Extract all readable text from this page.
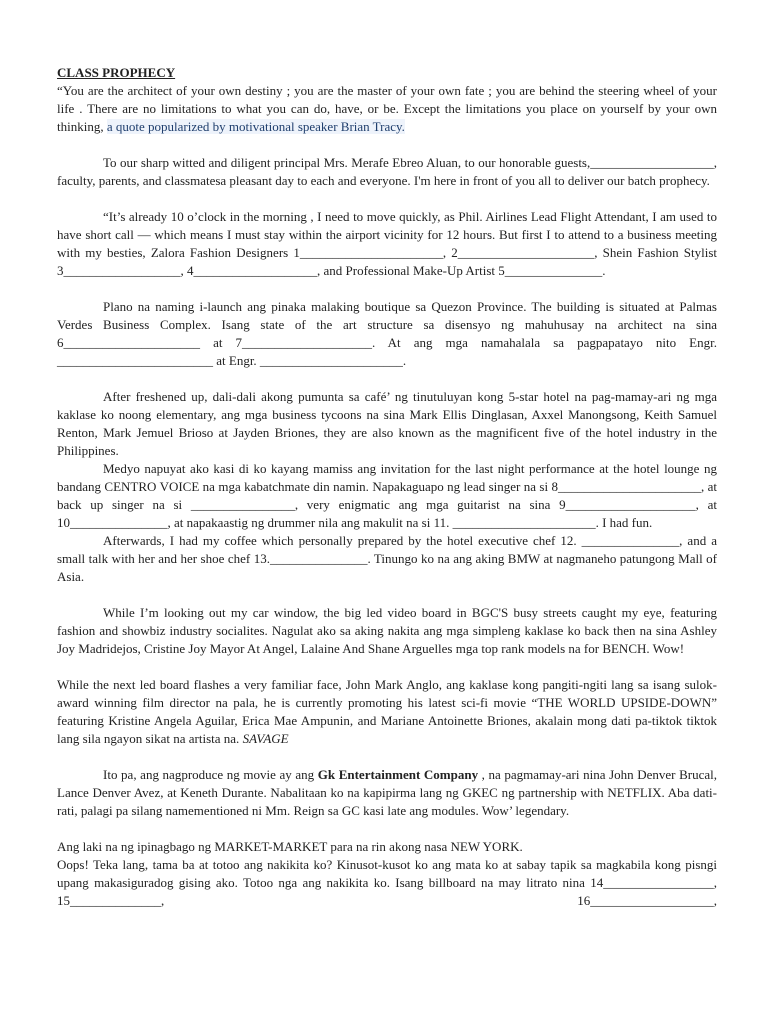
CLASS PROPHECY

“You are the architect of your own destiny ; you are the master of your own fate ; you are behind the steering wheel of your life . There are no limitations to what you can do, have, or be. Except the limitations you place on yourself by your own thinking, a quote popularized by motivational speaker Brian Tracy.

To our sharp witted and diligent principal Mrs. Merafe Ebreo Aluan, to our honorable guests,___________________, faculty, parents, and classmatesa pleasant day to each and everyone. I'm here in front of you all to deliver our batch prophecy.

“It’s already 10 o’clock in the morning , I need to move quickly, as Phil. Airlines Lead Flight Attendant, I am used to have short call — which means I must stay within the airport vicinity for 12 hours. But first I to attend to a business meeting with my besties, Zalora Fashion Designers 1______________________, 2_____________________, Shein Fashion Stylist 3__________________, 4___________________, and Professional Make-Up Artist 5_______________.

Plano na naming i-launch ang pinaka malaking boutique sa Quezon Province. The building is situated at Palmas Verdes Business Complex. Isang state of the art structure sa disensyo ng mahuhusay na architect na sina 6_____________________ at 7____________________. At ang mga namahalala sa pagpapatayo nito Engr. ________________________ at Engr. ______________________.

After freshened up, dali-dali akong pumunta sa café’ ng tinutuluyan kong 5-star hotel na pag-mamay-ari ng mga kaklase ko noong elementary, ang mga business tycoons na sina Mark Ellis Dinglasan, Axxel Manongsong, Keith Samuel Renton, Mark Jemuel Brioso at Jayden Briones, they are also known as the magnificent five of the hotel industry in the Philippines.

Medyo napuyat ako kasi di ko kayang mamiss ang invitation for the last night performance at the hotel lounge ng bandang CENTRO VOICE na mga kabatchmate din namin. Napakaguapo ng lead singer na si 8______________________, at back up singer na si ________________, very enigmatic ang mga guitarist na sina 9____________________, at 10_______________, at napakaastig ng drummer nila ang makulit na si 11. ______________________. I had fun.

Afterwards, I had my coffee which personally prepared by the hotel executive chef 12. _______________, and a small talk with her and her shoe chef 13._______________. Tinungo ko na ang aking BMW at nagmaneho patungong Mall of Asia.

While I’m looking out my car window, the big led video board in BGC'S busy streets caught my eye, featuring fashion and showbiz industry socialites. Nagulat ako sa aking nakita ang mga simpleng kaklase ko back then na sina Ashley Joy Madridejos, Cristine Joy Mayor At Angel, Lalaine And Shane Arguelles mga top rank models na for BENCH. Wow!

While the next led board flashes a very familiar face, John Mark Anglo, ang kaklase kong pangiti-ngiti lang sa isang sulok- award winning film director na pala, he is currently promoting his latest sci-fi movie “THE WORLD UPSIDE-DOWN” featuring Kristine Angela Aguilar, Erica Mae Ampunin, and Mariane Antoinette Briones, akalain mong dati pa-tiktok tiktok lang sila ngayon sikat na artista na. SAVAGE

Ito pa, ang nagproduce ng movie ay ang Gk Entertainment Company , na pagmamay-ari nina John Denver Brucal, Lance Denver Avez, at Keneth Durante. Nabalitaan ko na kapipirma lang ng GKEC ng partnership with NETFLIX. Aba dati-rati, palagi pa silang namementioned ni Mm. Reign sa GC kasi late ang modules. Wow’ legendary.

Ang laki na ng ipinagbago ng MARKET-MARKET para na rin akong nasa NEW YORK.

Oops! Teka lang, tama ba at totoo ang nakikita ko? Kinusot-kusot ko ang mata ko at sabay tapik sa magkabila kong pisngi upang makasiguradog gising ako. Totoo nga ang nakikita ko. Isang billboard na may litrato nina 14_________________, 15______________, 16___________________,
